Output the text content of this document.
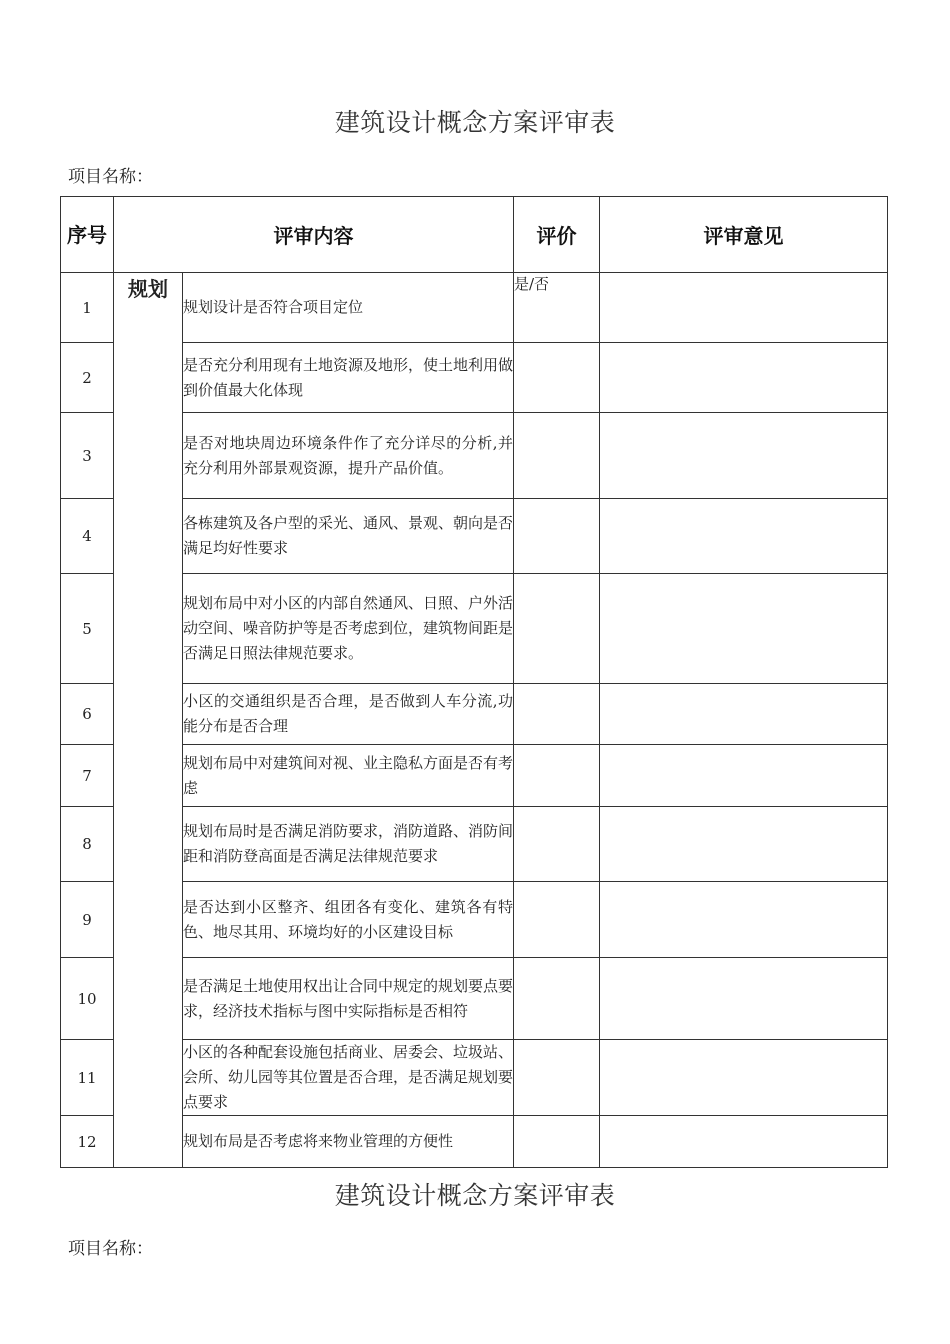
建筑设计概念方案评审表
项目名称：
序号	评审内容		评价	评审意见
1	规划	规划设计是否符合项目定位	是/否	
2		是否充分利用现有土地资源及地形，使土地利用做到价值最大化体现		
3		是否对地块周边环境条件作了充分详尽的分析,并充分利用外部景观资源，提升产品价值。		
4		各栋建筑及各户型的采光、通风、景观、朝向是否满足均好性要求		
5		规划布局中对小区的内部自然通风、日照、户外活动空间、噪音防护等是否考虑到位，建筑物间距是否满足日照法律规范要求。		
6		小区的交通组织是否合理，是否做到人车分流,功能分布是否合理		
7		规划布局中对建筑间对视、业主隐私方面是否有考虑		
8		规划布局时是否满足消防要求，消防道路、消防间距和消防登高面是否满足法律规范要求		
9		是否达到小区整齐、组团各有变化、建筑各有特色、地尽其用、环境均好的小区建设目标		
10		是否满足土地使用权出让合同中规定的规划要点要求，经济技术指标与图中实际指标是否相符		
11		小区的各种配套设施包括商业、居委会、垃圾站、会所、幼儿园等其位置是否合理，是否满足规划要点要求		
12		规划布局是否考虑将来物业管理的方便性		
建筑设计概念方案评审表
项目名称：
